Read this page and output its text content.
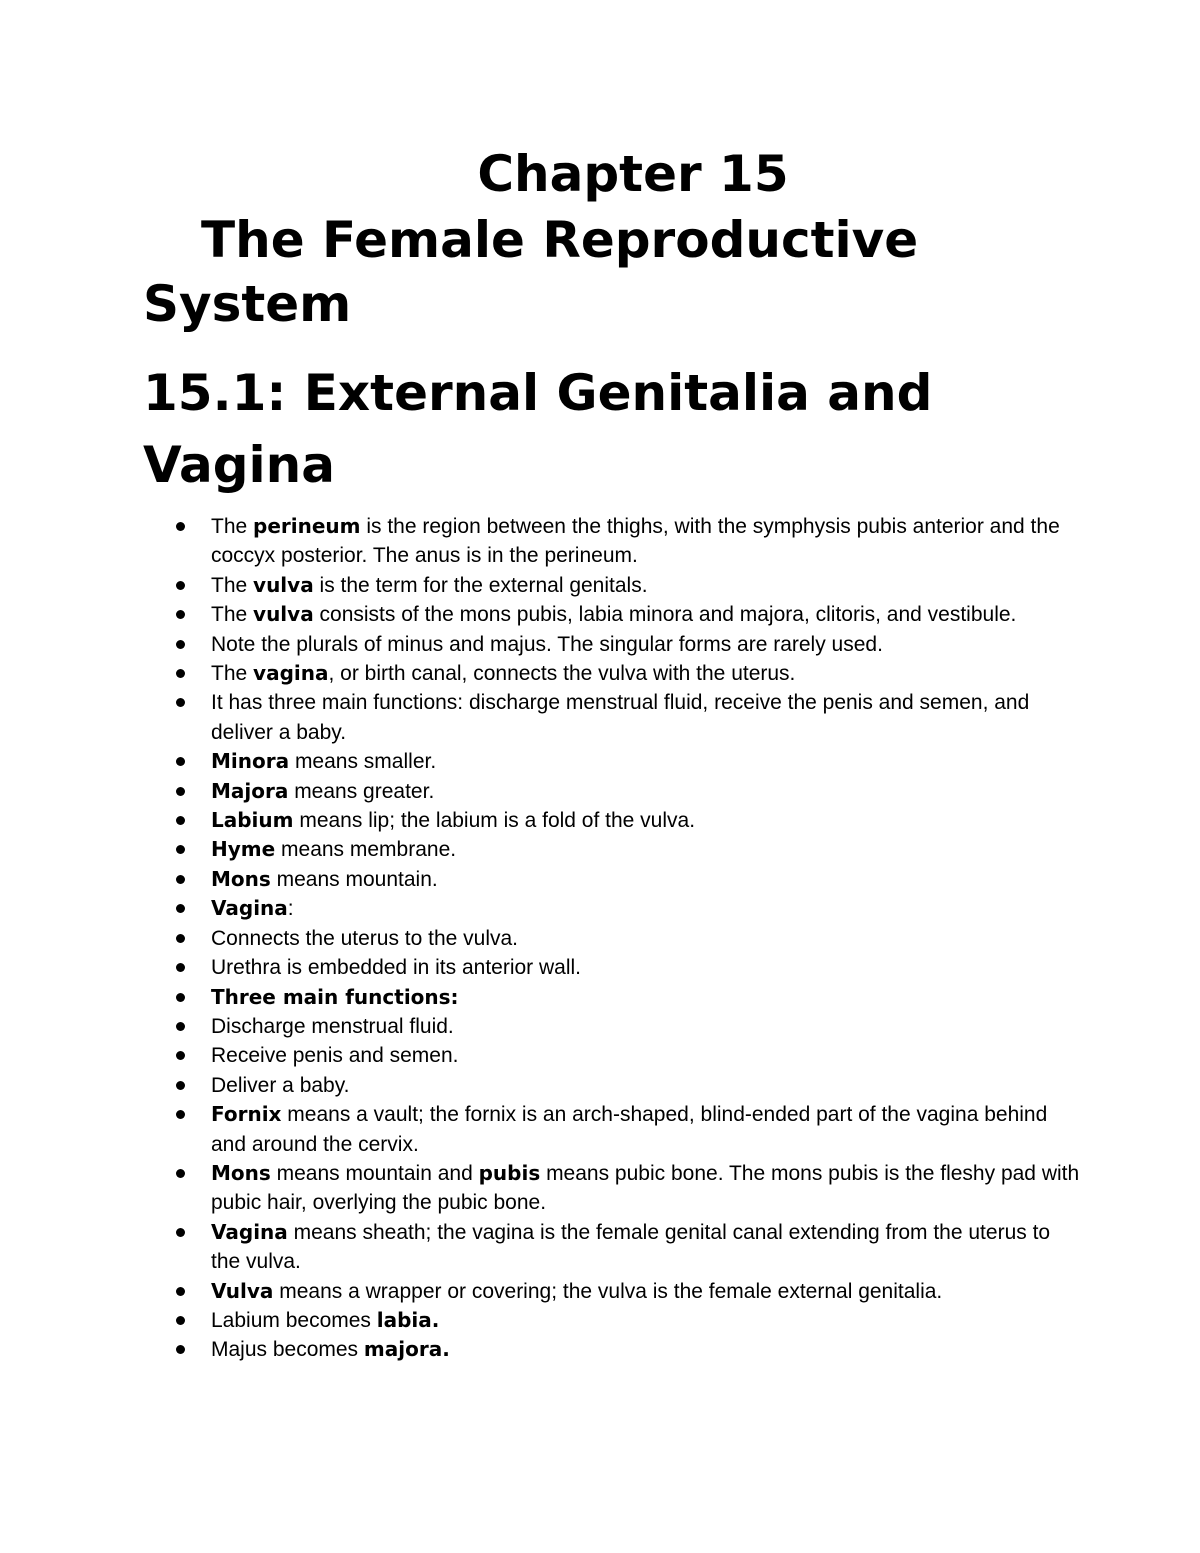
Chapter 15
The Female Reproductive System
15.1: External Genitalia and Vagina
The perineum is the region between the thighs, with the symphysis pubis anterior and the coccyx posterior. The anus is in the perineum.
The vulva is the term for the external genitals.
The vulva consists of the mons pubis, labia minora and majora, clitoris, and vestibule.
Note the plurals of minus and majus. The singular forms are rarely used.
The vagina, or birth canal, connects the vulva with the uterus.
It has three main functions: discharge menstrual fluid, receive the penis and semen, and deliver a baby.
Minora means smaller.
Majora means greater.
Labium means lip; the labium is a fold of the vulva.
Hyme means membrane.
Mons means mountain.
Vagina:
Connects the uterus to the vulva.
Urethra is embedded in its anterior wall.
Three main functions:
Discharge menstrual fluid.
Receive penis and semen.
Deliver a baby.
Fornix means a vault; the fornix is an arch-shaped, blind-ended part of the vagina behind and around the cervix.
Mons means mountain and pubis means pubic bone. The mons pubis is the fleshy pad with pubic hair, overlying the pubic bone.
Vagina means sheath; the vagina is the female genital canal extending from the uterus to the vulva.
Vulva means a wrapper or covering; the vulva is the female external genitalia.
Labium becomes labia.
Majus becomes majora.
